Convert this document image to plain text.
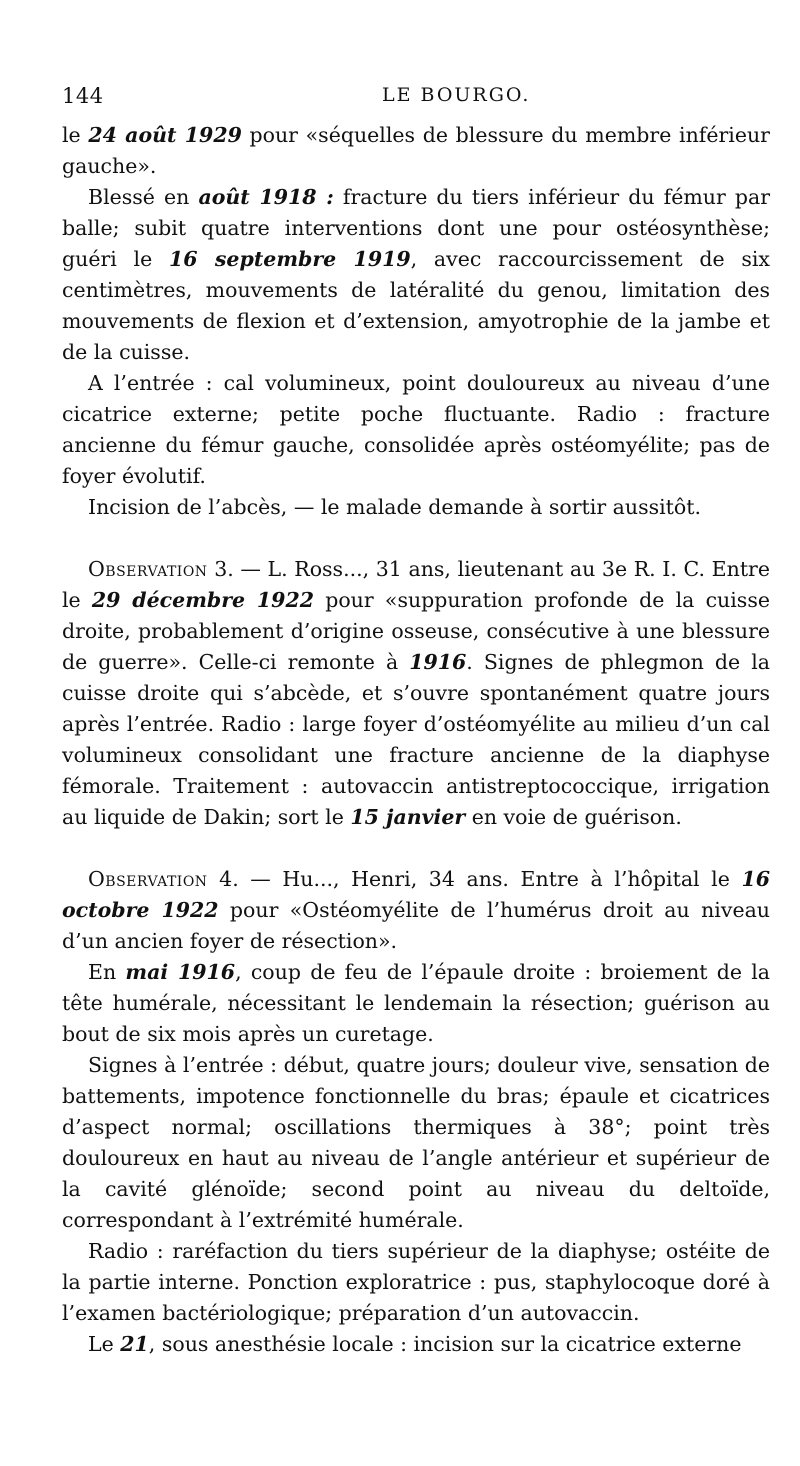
144	LE BOURGO.

le 24 août 1929 pour «séquelles de blessure du membre inférieur gauche».

Blessé en août 1918 : fracture du tiers inférieur du fémur par balle; subit quatre interventions dont une pour ostéosynthèse; guéri le 16 septembre 1919, avec raccourcissement de six centimètres, mouvements de latéralité du genou, limitation des mouvements de flexion et d’extension, amyotrophie de la jambe et de la cuisse.

A l’entrée : cal volumineux, point douloureux au niveau d’une cicatrice externe; petite poche fluctuante. Radio : fracture ancienne du fémur gauche, consolidée après ostéomyélite; pas de foyer évolutif.

Incision de l’abcès, — le malade demande à sortir aussitôt.

Observation 3. — L. Ross..., 31 ans, lieutenant au 3e R. I. C. Entre le 29 décembre 1922 pour «suppuration profonde de la cuisse droite, probablement d’origine osseuse, consécutive à une blessure de guerre». Celle-ci remonte à 1916. Signes de phlegmon de la cuisse droite qui s’abcède, et s’ouvre spontanément quatre jours après l’entrée. Radio : large foyer d’ostéomyélite au milieu d’un cal volumineux consolidant une fracture ancienne de la diaphyse fémorale. Traitement : autovaccin antistreptococcique, irrigation au liquide de Dakin; sort le 15 janvier en voie de guérison.

Observation 4. — Hu..., Henri, 34 ans. Entre à l’hôpital le 16 octobre 1922 pour «Ostéomyélite de l’humérus droit au niveau d’un ancien foyer de résection».

En mai 1916, coup de feu de l’épaule droite : broiement de la tête humérale, nécessitant le lendemain la résection; guérison au bout de six mois après un curetage.

Signes à l’entrée : début, quatre jours; douleur vive, sensation de battements, impotence fonctionnelle du bras; épaule et cicatrices d’aspect normal; oscillations thermiques à 38°; point très douloureux en haut au niveau de l’angle antérieur et supérieur de la cavité glénoïde; second point au niveau du deltoïde, correspondant à l’extrémité humérale.

Radio : raréfaction du tiers supérieur de la diaphyse; ostéite de la partie interne. Ponction exploratrice : pus, staphylocoque doré à l’examen bactériologique; préparation d’un autovaccin.

Le 21, sous anesthésie locale : incision sur la cicatrice externe
